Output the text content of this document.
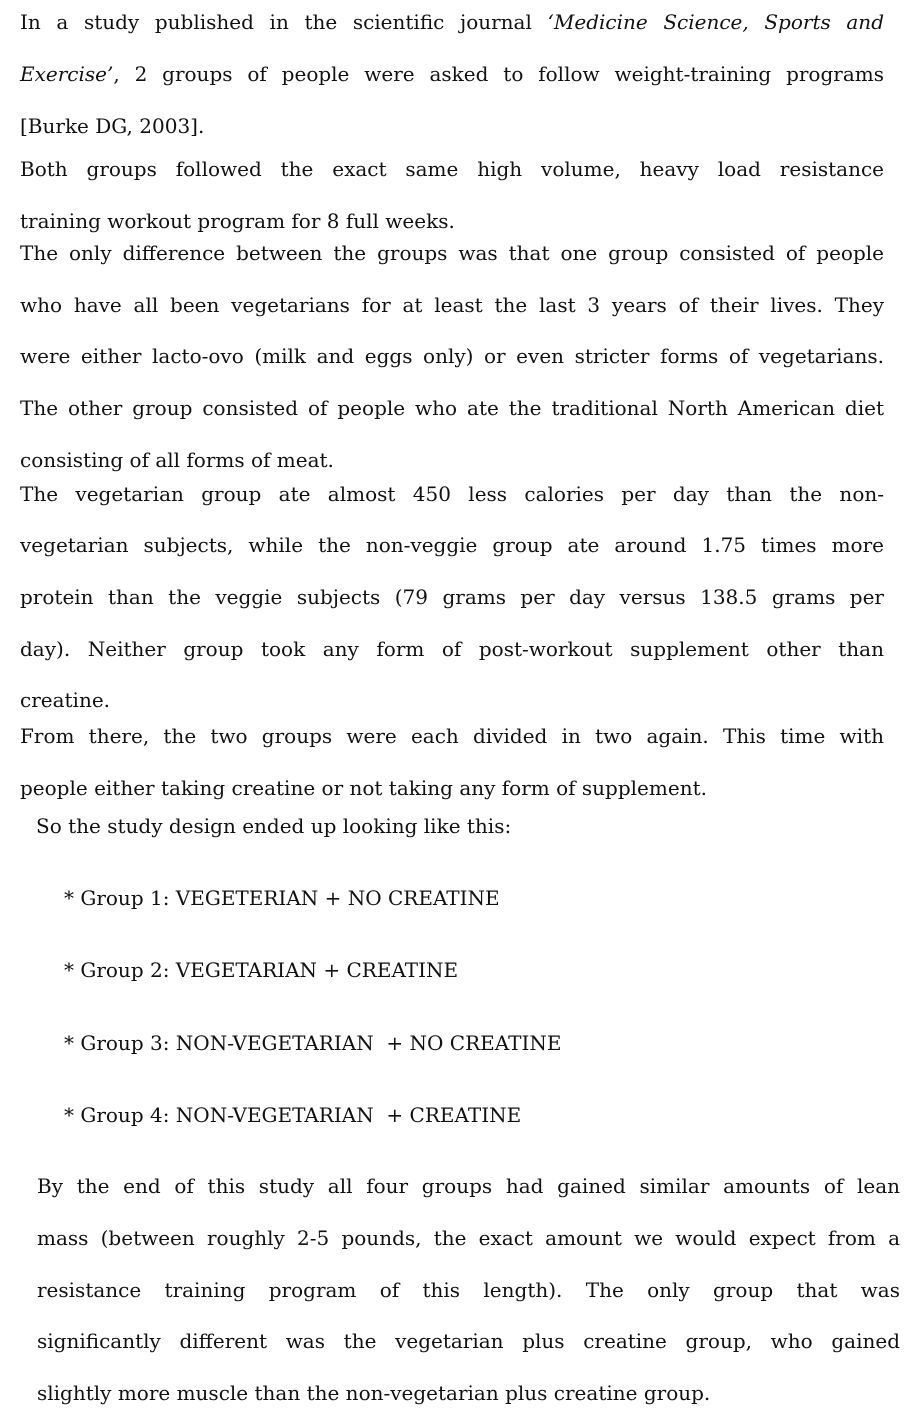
In a study published in the scientific journal ‘Medicine Science, Sports and
Exercise’, 2 groups of people were asked to follow weight-training programs
[Burke DG, 2003].
Both groups followed the exact same high volume, heavy load resistance
training workout program for 8 full weeks.
The only difference between the groups was that one group consisted of people
who have all been vegetarians for at least the last 3 years of their lives. They
were either lacto-ovo (milk and eggs only) or even stricter forms of vegetarians.
The other group consisted of people who ate the traditional North American diet
consisting of all forms of meat.
The vegetarian group ate almost 450 less calories per day than the non-
vegetarian subjects, while the non-veggie group ate around 1.75 times more
protein than the veggie subjects (79 grams per day versus 138.5 grams per
day). Neither group took any form of post-workout supplement other than
creatine.
From there, the two groups were each divided in two again. This time with
people either taking creatine or not taking any form of supplement.
So the study design ended up looking like this:
* Group 1: VEGETERIAN + NO CREATINE
* Group 2: VEGETARIAN + CREATINE
* Group 3: NON-VEGETARIAN  + NO CREATINE
* Group 4: NON-VEGETARIAN  + CREATINE
By the end of this study all four groups had gained similar amounts of lean
mass (between roughly 2-5 pounds, the exact amount we would expect from a
resistance training program of this length). The only group that was
significantly different was the vegetarian plus creatine group, who gained
slightly more muscle than the non-vegetarian plus creatine group.
